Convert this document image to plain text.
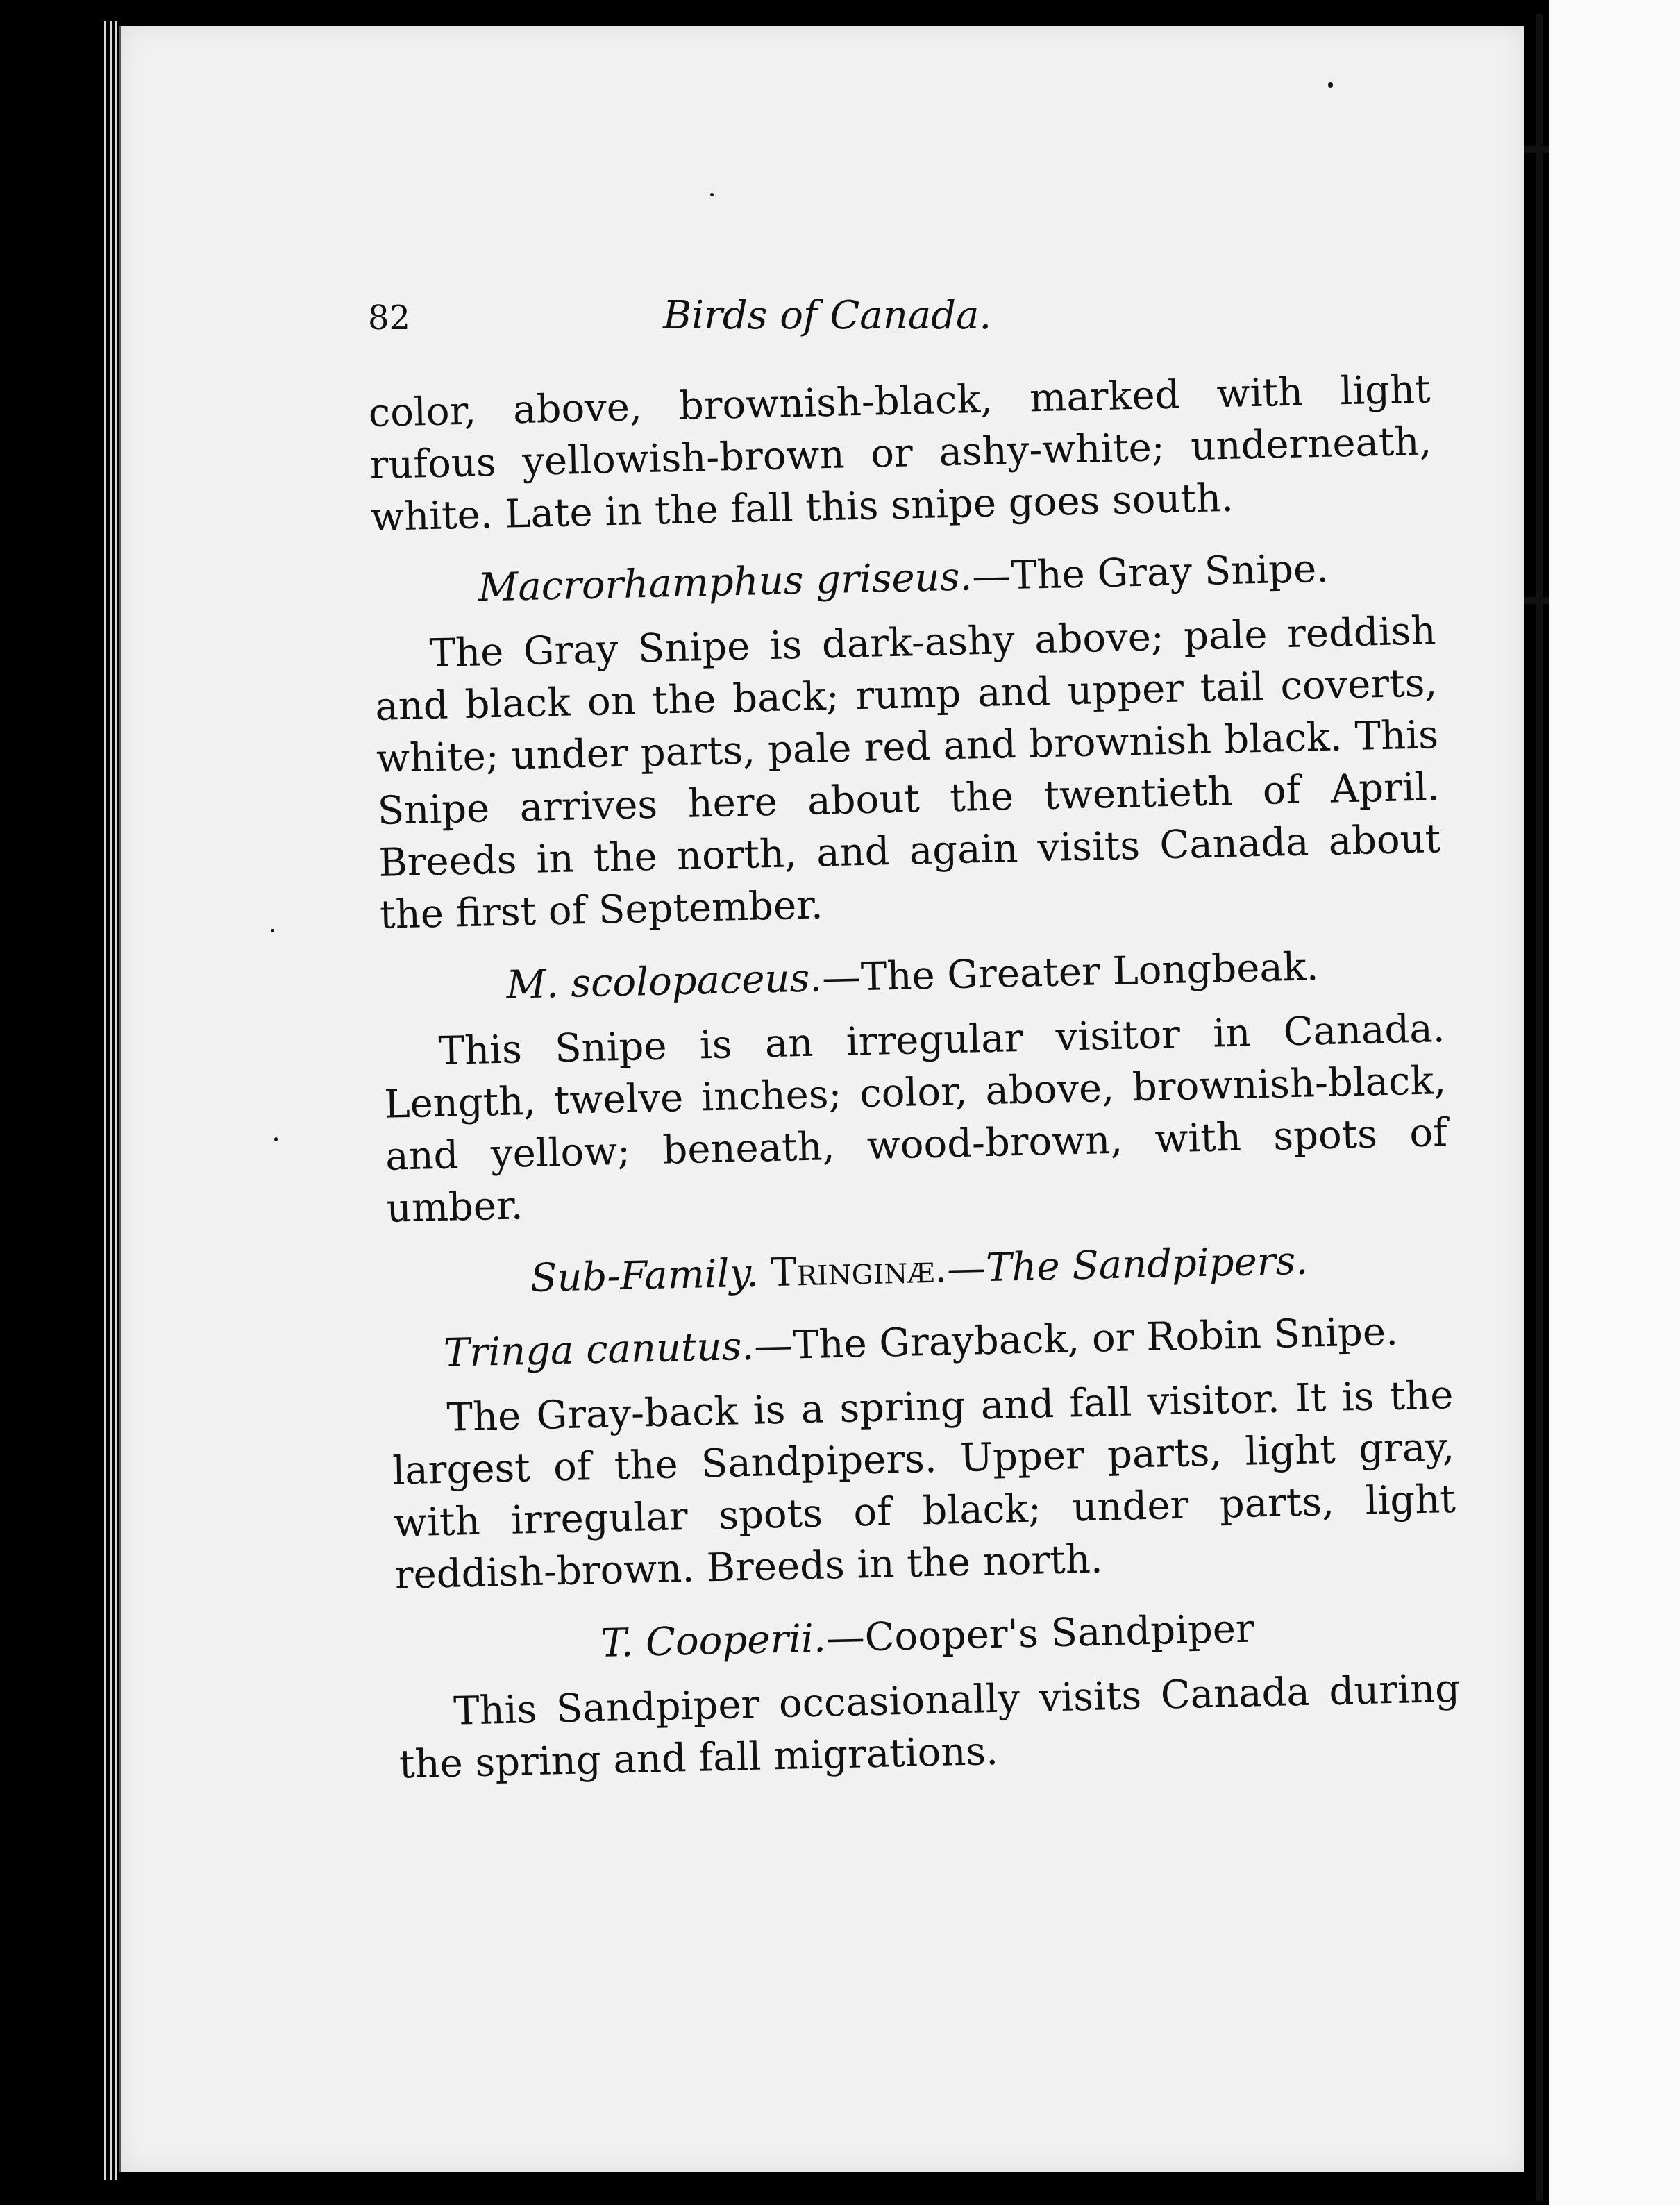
82	Birds of Canada.

color, above, brownish-black, marked with light rufous yellowish-brown or ashy-white; underneath, white. Late in the fall this snipe goes south.

Macrorhamphus griseus.—The Gray Snipe.

The Gray Snipe is dark-ashy above; pale reddish and black on the back; rump and upper tail coverts, white; under parts, pale red and brownish black. This Snipe arrives here about the twentieth of April. Breeds in the north, and again visits Canada about the first of September.

M. scolopaceus.—The Greater Longbeak.

This Snipe is an irregular visitor in Canada. Length, twelve inches; color, above, brownish-black, and yellow; beneath, wood-brown, with spots of umber.

Sub-Family. Tringinæ.—The Sandpipers.

Tringa canutus.—The Grayback, or Robin Snipe.

The Gray-back is a spring and fall visitor. It is the largest of the Sandpipers. Upper parts, light gray, with irregular spots of black; under parts, light reddish-brown. Breeds in the north.

T. Cooperii.—Cooper's Sandpiper

This Sandpiper occasionally visits Canada during the spring and fall migrations.
